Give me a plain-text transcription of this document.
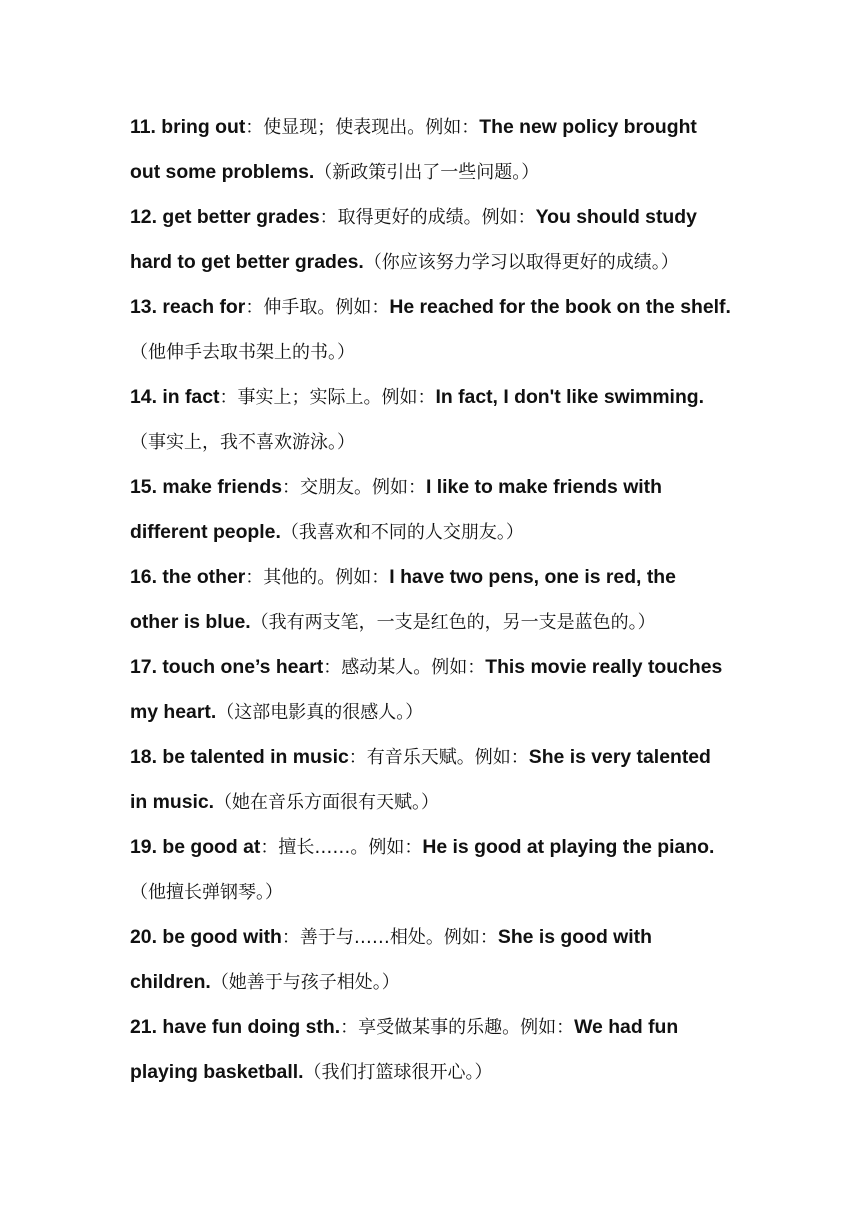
11. bring out：使显现；使表现出。例如：The new policy brought
out some problems.（新政策引出了一些问题。）
12. get better grades：取得更好的成绩。例如：You should study
hard to get better grades.（你应该努力学习以取得更好的成绩。）
13. reach for：伸手取。例如：He reached for the book on the shelf.
（他伸手去取书架上的书。）
14. in fact：事实上；实际上。例如：In fact, I don't like swimming.
（事实上，我不喜欢游泳。）
15. make friends：交朋友。例如：I like to make friends with
different people.（我喜欢和不同的人交朋友。）
16. the other：其他的。例如：I have two pens, one is red, the
other is blue.（我有两支笔，一支是红色的，另一支是蓝色的。）
17. touch one’s heart：感动某人。例如：This movie really touches
my heart.（这部电影真的很感人。）
18. be talented in music：有音乐天赋。例如：She is very talented
in music.（她在音乐方面很有天赋。）
19. be good at：擅长……。例如：He is good at playing the piano.
（他擅长弹钢琴。）
20. be good with：善于与……相处。例如：She is good with
children.（她善于与孩子相处。）
21. have fun doing sth.：享受做某事的乐趣。例如：We had fun
playing basketball.（我们打篮球很开心。）
